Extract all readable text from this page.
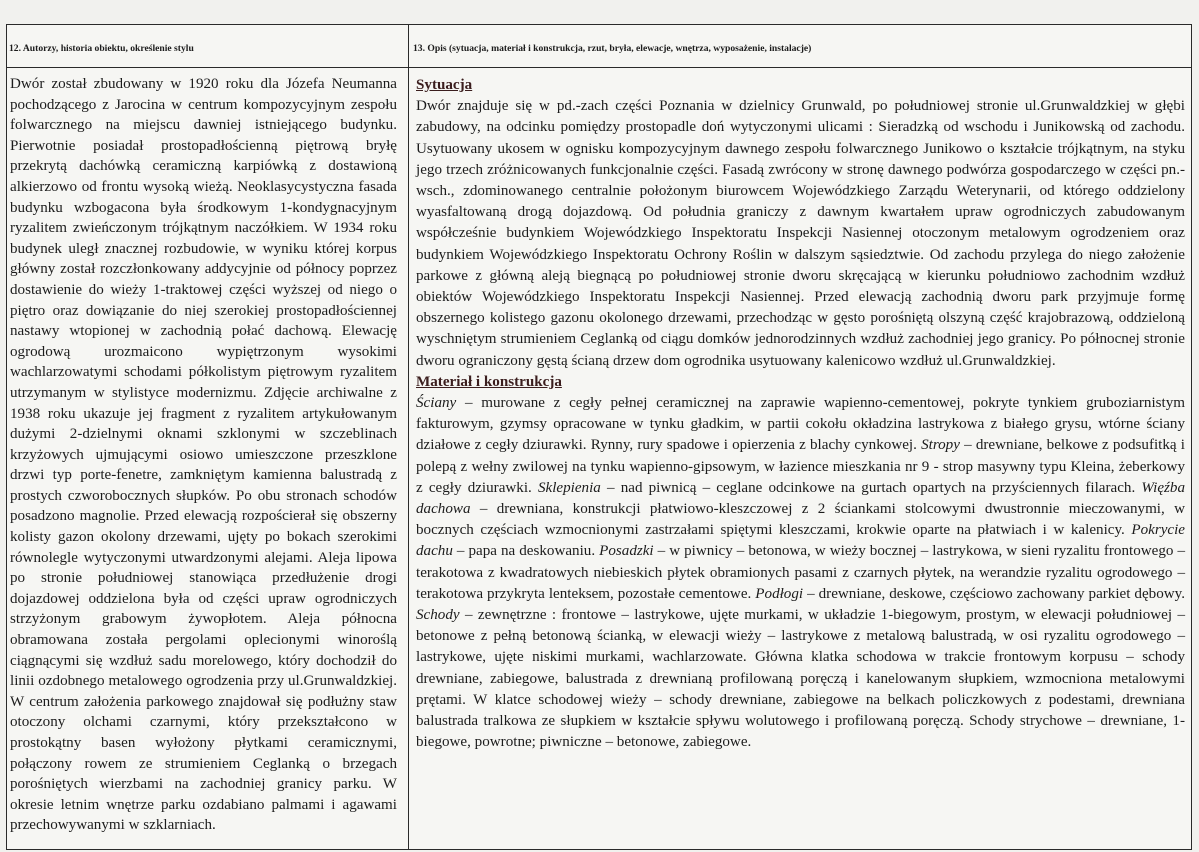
12. Autorzy, historia obiektu, określenie stylu	13. Opis (sytuacja, materiał i konstrukcja, rzut, bryła, elewacje, wnętrza, wyposażenie, instalacje)

Dwór został zbudowany w 1920 roku dla Józefa Neumanna pochodzącego z Jarocina w centrum kompozycyjnym zespołu folwarcznego na miejscu dawniej istniejącego budynku. Pierwotnie posiadał prostopadłościenną piętrową bryłę przekrytą dachówką ceramiczną karpiówką z dostawioną alkierzowo od frontu wysoką wieżą. Neoklasycystyczna fasada budynku wzbogacona była środkowym 1-kondygnacyjnym ryzalitem zwieńczonym trójkątnym naczółkiem. W 1934 roku budynek uległ znacznej rozbudowie, w wyniku której korpus główny został rozczłonkowany addycyjnie od północy poprzez dostawienie do wieży 1-traktowej części wyższej od niego o piętro oraz dowiązanie do niej szerokiej prostopadłościennej nastawy wtopionej w zachodnią połać dachową. Elewację ogrodową urozmaicono wypiętrzonym wysokimi wachlarzowatymi schodami półkolistym piętrowym ryzalitem utrzymanym w stylistyce modernizmu. Zdjęcie archiwalne z 1938 roku ukazuje jej fragment z ryzalitem artykułowanym dużymi 2-dzielnymi oknami szklonymi w szczeblinach krzyżowych ujmującymi osiowo umieszczone przeszklone drzwi typ porte-fenetre, zamkniętym kamienna balustradą z prostych czworobocznych słupków. Po obu stronach schodów posadzono magnolie. Przed elewacją rozpościerał się obszerny kolisty gazon okolony drzewami, ujęty po bokach szerokimi równolegle wytyczonymi utwardzonymi alejami. Aleja lipowa po stronie południowej stanowiąca przedłużenie drogi dojazdowej oddzielona była od części upraw ogrodniczych strzyżonym grabowym żywopłotem. Aleja północna obramowana została pergolami oplecionymi winoroślą ciągnącymi się wzdłuż sadu morelowego, który dochodził do linii ozdobnego metalowego ogrodzenia przy ul.Grunwaldzkiej. W centrum założenia parkowego znajdował się podłużny staw otoczony olchami czarnymi, który przekształcono w prostokątny basen wyłożony płytkami ceramicznymi, połączony rowem ze strumieniem Ceglanką o brzegach porośniętych wierzbami na zachodniej granicy parku. W okresie letnim wnętrze parku ozdabiano palmami i agawami przechowywanymi w szklarniach.

Sytuacja

Dwór znajduje się w pd.-zach części Poznania w dzielnicy Grunwald, po południowej stronie ul.Grunwaldzkiej w głębi zabudowy, na odcinku pomiędzy prostopadle doń wytyczonymi ulicami : Sieradzką od wschodu i Junikowską od zachodu. Usytuowany ukosem w ognisku kompozycyjnym dawnego zespołu folwarcznego Junikowo o kształcie trójkątnym, na styku jego trzech zróżnicowanych funkcjonalnie części. Fasadą zwrócony w stronę dawnego podwórza gospodarczego w części pn.-wsch., zdominowanego centralnie położonym biurowcem Wojewódzkiego Zarządu Weterynarii, od którego oddzielony wyasfaltowaną drogą dojazdową. Od południa graniczy z dawnym kwartałem upraw ogrodniczych zabudowanym współcześnie budynkiem Wojewódzkiego Inspektoratu Inspekcji Nasiennej otoczonym metalowym ogrodzeniem oraz budynkiem Wojewódzkiego Inspektoratu Ochrony Roślin w dalszym sąsiedztwie. Od zachodu przylega do niego założenie parkowe z główną aleją biegnącą po południowej stronie dworu skręcającą w kierunku południowo zachodnim wzdłuż obiektów Wojewódzkiego Inspektoratu Inspekcji Nasiennej. Przed elewacją zachodnią dworu park przyjmuje formę obszernego kolistego gazonu okolonego drzewami, przechodząc w gęsto porośniętą olszyną część krajobrazową, oddzieloną wyschniętym strumieniem Ceglanką od ciągu domków jednorodzinnych wzdłuż zachodniej jego granicy. Po północnej stronie dworu ograniczony gęstą ścianą drzew dom ogrodnika usytuowany kalenicowo wzdłuż ul.Grunwaldzkiej.

Materiał i konstrukcja

Ściany – murowane z cegły pełnej ceramicznej na zaprawie wapienno-cementowej, pokryte tynkiem gruboziarnistym fakturowym, gzymsy opracowane w tynku gładkim, w partii cokołu okładzina lastrykowa z białego grysu, wtórne ściany działowe z cegły dziurawki. Rynny, rury spadowe i opierzenia z blachy cynkowej. Stropy – drewniane, belkowe z podsufitką i polepą z wełny zwilowej na tynku wapienno-gipsowym, w łazience mieszkania nr 9 - strop masywny typu Kleina, żeberkowy z cegły dziurawki. Sklepienia – nad piwnicą – ceglane odcinkowe na gurtach opartych na przyściennych filarach. Więźba dachowa – drewniana, konstrukcji płatwiowo-kleszczowej z 2 ściankami stolcowymi dwustronnie mieczowanymi, w bocznych częściach wzmocnionymi zastrzałami spiętymi kleszczami, krokwie oparte na płatwiach i w kalenicy. Pokrycie dachu – papa na deskowaniu. Posadzki – w piwnicy – betonowa, w wieży bocznej – lastrykowa, w sieni ryzalitu frontowego – terakotowa z kwadratowych niebieskich płytek obramionych pasami z czarnych płytek, na werandzie ryzalitu ogrodowego – terakotowa przykryta lenteksem, pozostałe cementowe. Podłogi – drewniane, deskowe, częściowo zachowany parkiet dębowy. Schody – zewnętrzne : frontowe – lastrykowe, ujęte murkami, w układzie 1-biegowym, prostym, w elewacji południowej – betonowe z pełną betonową ścianką, w elewacji wieży – lastrykowe z metalową balustradą, w osi ryzalitu ogrodowego – lastrykowe, ujęte niskimi murkami, wachlarzowate. Główna klatka schodowa w trakcie frontowym korpusu – schody drewniane, zabiegowe, balustrada z drewnianą profilowaną poręczą i kanelowanym słupkiem, wzmocniona metalowymi prętami. W klatce schodowej wieży – schody drewniane, zabiegowe na belkach policzkowych z podestami, drewniana balustrada tralkowa ze słupkiem w kształcie spływu wolutowego i profilowaną poręczą. Schody strychowe – drewniane, 1-biegowe, powrotne; piwniczne – betonowe, zabiegowe.
